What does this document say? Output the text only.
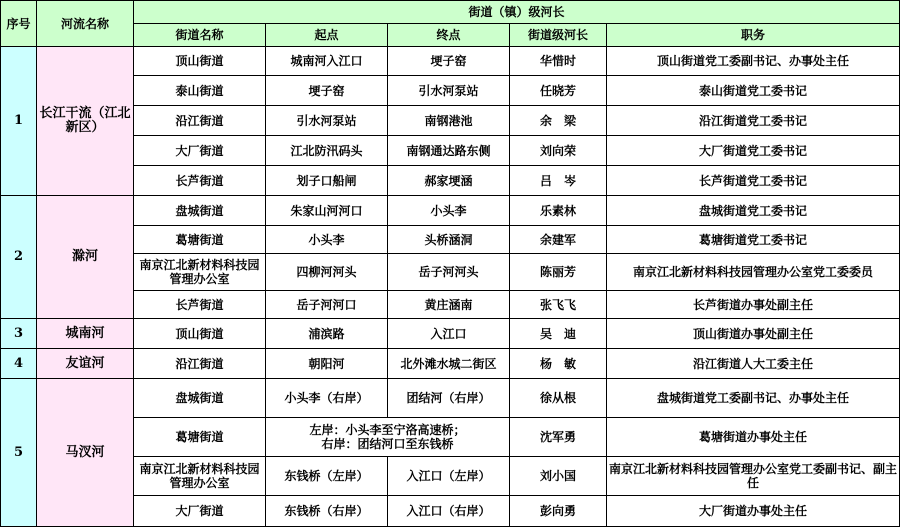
序号	河流名称	街道（镇）级河长				
		街道名称	起点	终点	街道级河长	职务
1	长江干流（江北新区）	顶山街道	城南河入江口	埂子窑	华惜时	顶山街道党工委副书记、办事处主任
		泰山街道	埂子窑	引水河泵站	任晓芳	泰山街道党工委书记
		沿江街道	引水河泵站	南钢港池	余　梁	沿江街道党工委书记
		大厂街道	江北防汛码头	南钢通达路东侧	刘向荣	大厂街道党工委书记
		长芦街道	划子口船闸	郝家埂涵	吕　岑	长芦街道党工委书记
2	滁河	盘城街道	朱家山河河口	小头李	乐素林	盘城街道党工委书记
		葛塘街道	小头李	头桥涵洞	余建军	葛塘街道党工委书记
		南京江北新材料科技园管理办公室	四柳河河头	岳子河河头	陈丽芳	南京江北新材料科技园管理办公室党工委委员
		长芦街道	岳子河河口	黄庄涵南	张飞飞	长芦街道办事处副主任
3	城南河	顶山街道	浦滨路	入江口	吴　迪	顶山街道办事处副主任
4	友谊河	沿江街道	朝阳河	北外滩水城二街区	杨　敏	沿江街道人大工委主任
5	马汊河	盘城街道	小头李（右岸）	团结河（右岸）	徐从根	盘城街道党工委副书记、办事处主任
		葛塘街道	左岸：小头李至宁洛高速桥；
右岸：团结河口至东钱桥		沈军勇	葛塘街道办事处主任
		南京江北新材料科技园管理办公室	东钱桥（左岸）	入江口（左岸）	刘小国	南京江北新材料科技园管理办公室党工委副书记、副主任
		大厂街道	东钱桥（右岸）	入江口（右岸）	彭向勇	大厂街道办事处主任
